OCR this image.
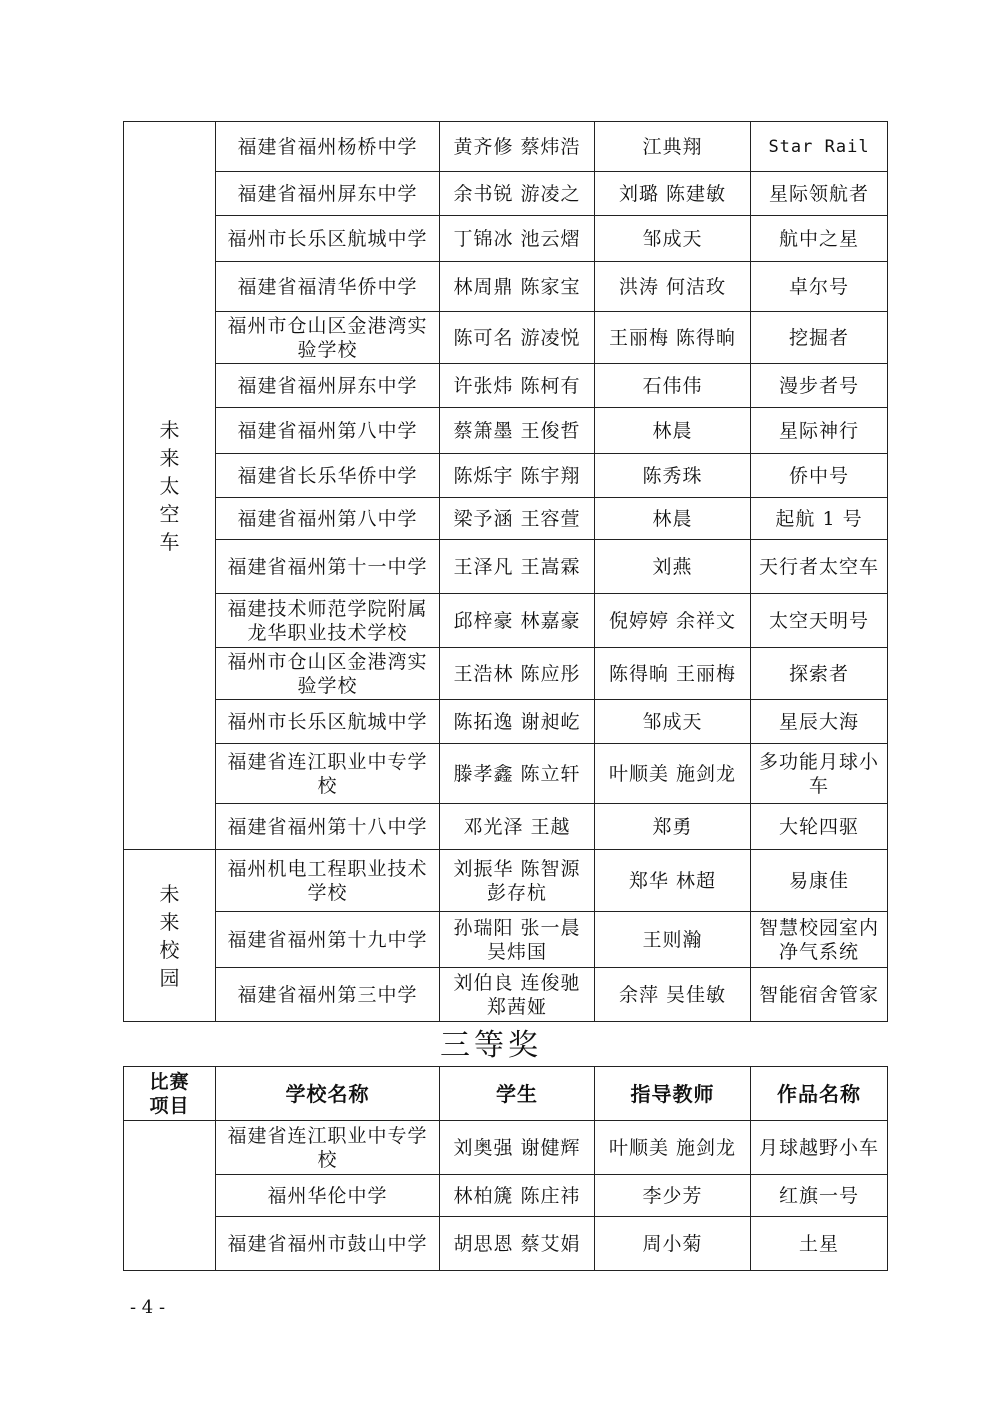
未
来
太
空
车	福建省福州杨桥中学	黄齐修 蔡炜浩	江典翔	Star Rail
	福建省福州屏东中学	余书锐 游凌之	刘璐 陈建敏	星际领航者
	福州市长乐区航城中学	丁锦冰 池云熠	邹成天	航中之星
	福建省福清华侨中学	林周鼎 陈家宝	洪涛 何洁玫	卓尔号
	福州市仓山区金港湾实验学校	陈可名 游凌悦	王丽梅 陈得晌	挖掘者
	福建省福州屏东中学	许张炜 陈柯有	石伟伟	漫步者号
	福建省福州第八中学	蔡箫墨 王俊哲	林晨	星际神行
	福建省长乐华侨中学	陈烁宇 陈宇翔	陈秀珠	侨中号
	福建省福州第八中学	梁予涵 王容萱	林晨	起航 1 号
	福建省福州第十一中学	王泽凡 王嵩霖	刘燕	天行者太空车
	福建技术师范学院附属龙华职业技术学校	邱梓豪 林嘉豪	倪婷婷 余祥文	太空天明号
	福州市仓山区金港湾实验学校	王浩林 陈应彤	陈得晌 王丽梅	探索者
	福州市长乐区航城中学	陈拓逸 谢昶屹	邹成天	星辰大海
	福建省连江职业中专学校	滕孝鑫 陈立轩	叶顺美 施剑龙	多功能月球小车
	福建省福州第十八中学	邓光泽 王越	郑勇	大轮四驱

未
来
校
园	福州机电工程职业技术学校	刘振华 陈智源 彭存杭	郑华 林超	易康佳
	福建省福州第十九中学	孙瑞阳 张一晨 吴炜国	王则瀚	智慧校园室内净气系统
	福建省福州第三中学	刘伯良 连俊驰 郑茜娅	余萍 吴佳敏	智能宿舍管家
三等奖
比赛项目	学校名称	学生	指导教师	作品名称
	福建省连江职业中专学校	刘奥强 谢健辉	叶顺美 施剑龙	月球越野小车
	福州华伦中学	林柏篪 陈庄祎	李少芳	红旗一号
	福建省福州市鼓山中学	胡思恩 蔡艾娟	周小菊	土星
- 4 -
